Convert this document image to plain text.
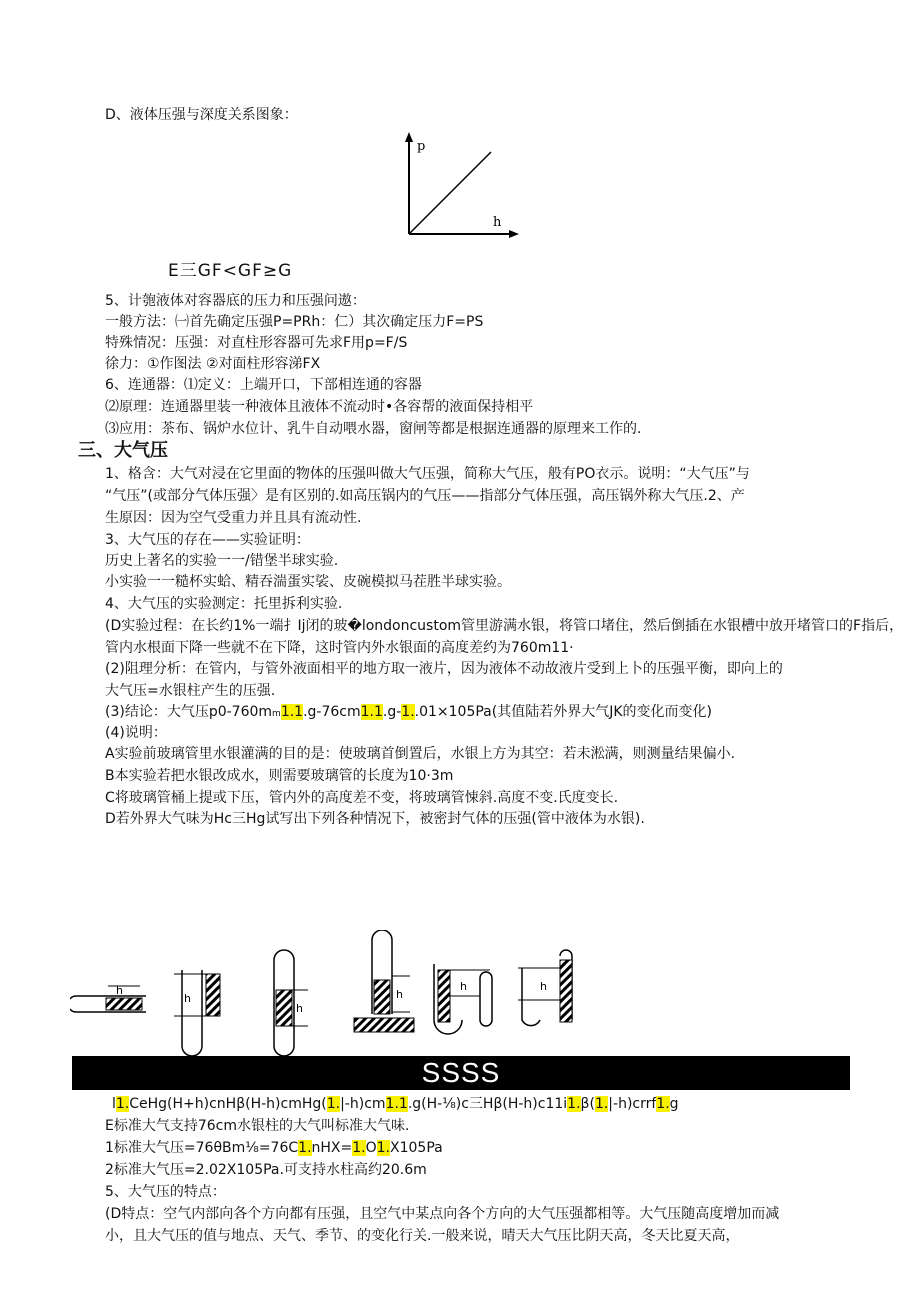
D、液体压强与深度关系图象：
p
h
E三GF<GF≥G
5、计匏液体对容器底的压力和压强问遨：
一般方法：㈠首先确定压强P=PRh：仁）其次确定压力F=PS
特殊情况：压强：对直柱形容器可先求F用p=F/S
徐力：①作图法 ②对面柱形容涕FX
6、连通器：⑴定义：上端开口，下部相连通的容器
⑵原理：连通器里装一种液体且液体不流动时•各容帮的液面保持相平
⑶应用：茶布、锅炉水位计、乳牛自动喂水器，窗闸等都是根据连通器的原理来工作的.
三、大气压
1、格含：大气对浸在它里面的物体的压强叫做大气压强，简称大气压，般有PO衣示。说明：“大气压”与
“气压”(或部分气体压强〉是有区别的.如高压锅内的气压——指部分气体压强，高压锅外称大气压.2、产
生原因：因为空气受重力并且具有流动性.
3、大气压的存在——实验证明：
历史上著名的实验一一/错堡半球实验.
小实验一一糙杯实蛤、精吞湍蛋实裟、皮碗模拟马茬胜半球实验。
4、大气压的实验测定：托里拆利实验.
(D实验过程：在长约1%一端扌Ij闭的玻�londoncustom管里游满水银，将管口堵住，然后倒插在水银槽中放开堵管口的F指后，
管内水根面下降一些就不在下降，这时管内外水银面的高度差约为760m11·
(2)阻理分析：在管内，与管外液面相平的地方取一液片，因为液体不动故液片受到上卜的压强平衡，即向上的
大气压=水银柱产生的压强.
(3)结论：大气压p0-760mm1.1.g-76cm1.1.g-1..01×105Pa(其值陆若外界大气JK的变化而变化)
(4)说明：
A实验前玻璃管里水银灌满的目的是：使玻璃首倒置后，水银上方为其空：若未淞满，则测量结果偏小.
B本实验若把水银改成水，则需要玻璃管的长度为10·3m
C将玻璃管桶上提或下压，管内外的高度差不变，将玻璃管悚斜.高度不变.氏度变长.
D若外界大气味为Hc三Hg试写出下列各种情况下，被密封气体的压强(管中液体为水银).
h
h
h
h
h	h
SSSS
l1.CeHg(H+h)cnHβ(H-h)cmHg(1.|-h)cm1.1.g(H-⅛)c三Hβ(H-h)c11i1.β(1.|-h)crrf1.g
E标准大气支持76cm水银柱的大气叫标准大气味.
1标准大气压=76θBm⅛=76C1.nHX=1.O1.X105Pa
2标准大气压=2.02X105Pa.可支持水柱高约20.6m
5、大气压的特点：
(D特点：空气内部向各个方向都有压强，且空气中某点向各个方向的大气压强都相等。大气压随高度增加而减
小，且大气压的值与地点、天气、季节、的变化行关.一般来说，晴天大气压比阴天高，冬天比夏天高，
